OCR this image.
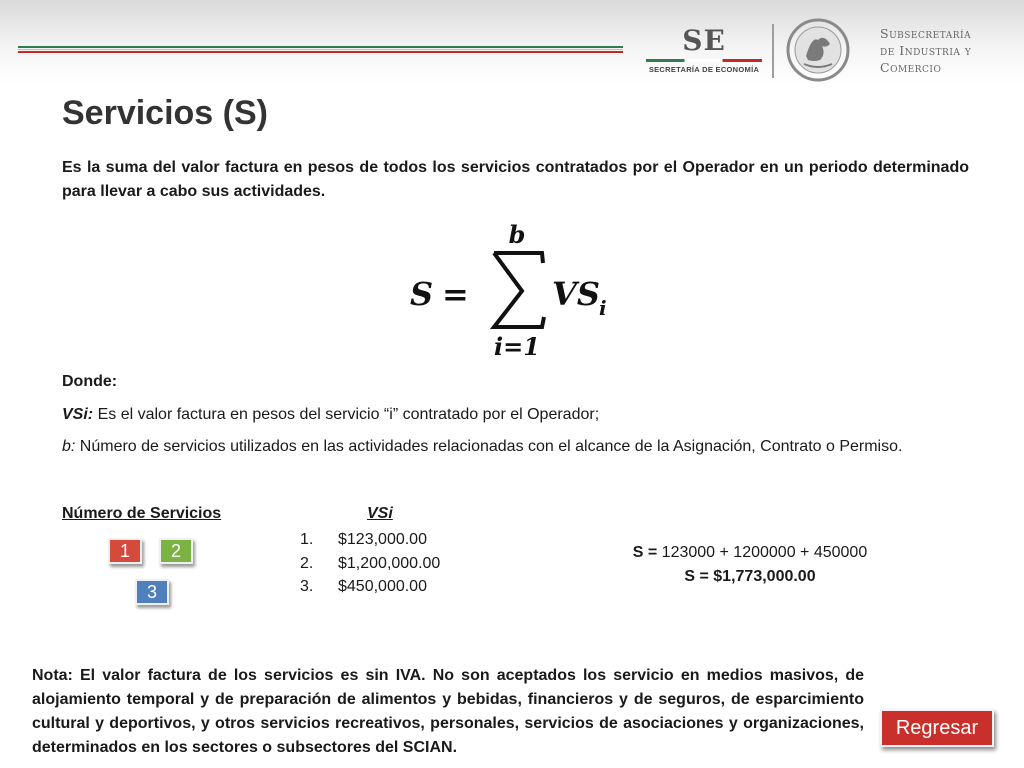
SE
SECRETARÍA DE ECONOMÍA
Subsecretaría
de Industria y
Comercio
Servicios (S)

Es la suma del valor factura en pesos de todos los servicios contratados por el Operador en un periodo determinado para llevar a cabo sus actividades.

b
S =
i=1
VS i

Donde:

VSi: Es el valor factura en pesos del servicio “i” contratado por el Operador;

b: Número de servicios utilizados en las actividades relacionadas con el alcance de la Asignación, Contrato o Permiso.

Número de Servicios
1	2
3
VSi
1.	$123,000.00
2.	$1,200,000.00
3.	$450,000.00
S = 123000 + 1200000 + 450000
S = $1,773,000.00

Nota: El valor factura de los servicios es sin IVA. No son aceptados los servicio en medios masivos, de alojamiento temporal y de preparación de alimentos y bebidas, financieros y de seguros, de esparcimiento cultural y deportivos, y otros servicios recreativos, personales, servicios de asociaciones y organizaciones, determinados en los sectores o subsectores del SCIAN.

Regresar
